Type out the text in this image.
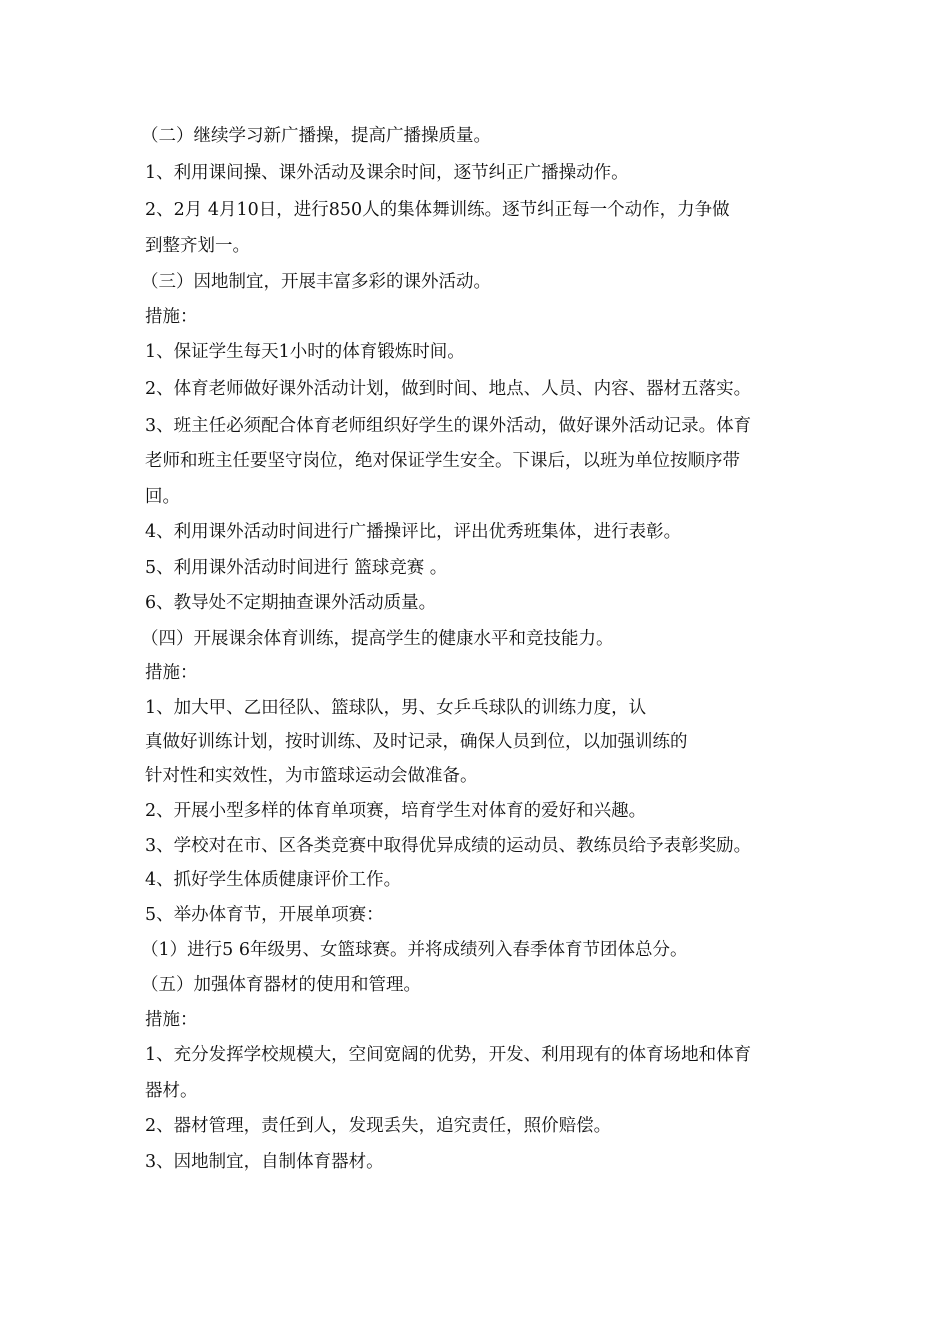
（二）继续学习新广播操，提高广播操质量。
1、利用课间操、课外活动及课余时间，逐节纠正广播操动作。
2、2月 4月10日，进行850人的集体舞训练。逐节纠正每一个动作，力争做
到整齐划一。
（三）因地制宜，开展丰富多彩的课外活动。
措施：
1、保证学生每天1小时的体育锻炼时间。
2、体育老师做好课外活动计划，做到时间、地点、人员、内容、器材五落实。
3、班主任必须配合体育老师组织好学生的课外活动，做好课外活动记录。体育
老师和班主任要坚守岗位，绝对保证学生安全。下课后，以班为单位按顺序带
回。
4、利用课外活动时间进行广播操评比，评出优秀班集体，进行表彰。
5、利用课外活动时间进行 篮球竞赛 。
6、教导处不定期抽查课外活动质量。
（四）开展课余体育训练，提高学生的健康水平和竞技能力。
措施：
1、加大甲、乙田径队、篮球队，男、女乒乓球队的训练力度，认
真做好训练计划，按时训练、及时记录，确保人员到位，以加强训练的
针对性和实效性，为市篮球运动会做准备。
2、开展小型多样的体育单项赛，培育学生对体育的爱好和兴趣。
3、学校对在市、区各类竞赛中取得优异成绩的运动员、教练员给予表彰奖励。
4、抓好学生体质健康评价工作。
5、举办体育节，开展单项赛：
（1）进行5 6年级男、女篮球赛。并将成绩列入春季体育节团体总分。
（五）加强体育器材的使用和管理。
措施：
1、充分发挥学校规模大，空间宽阔的优势，开发、利用现有的体育场地和体育
器材。
2、器材管理，责任到人，发现丢失，追究责任，照价赔偿。
3、因地制宜，自制体育器材。
